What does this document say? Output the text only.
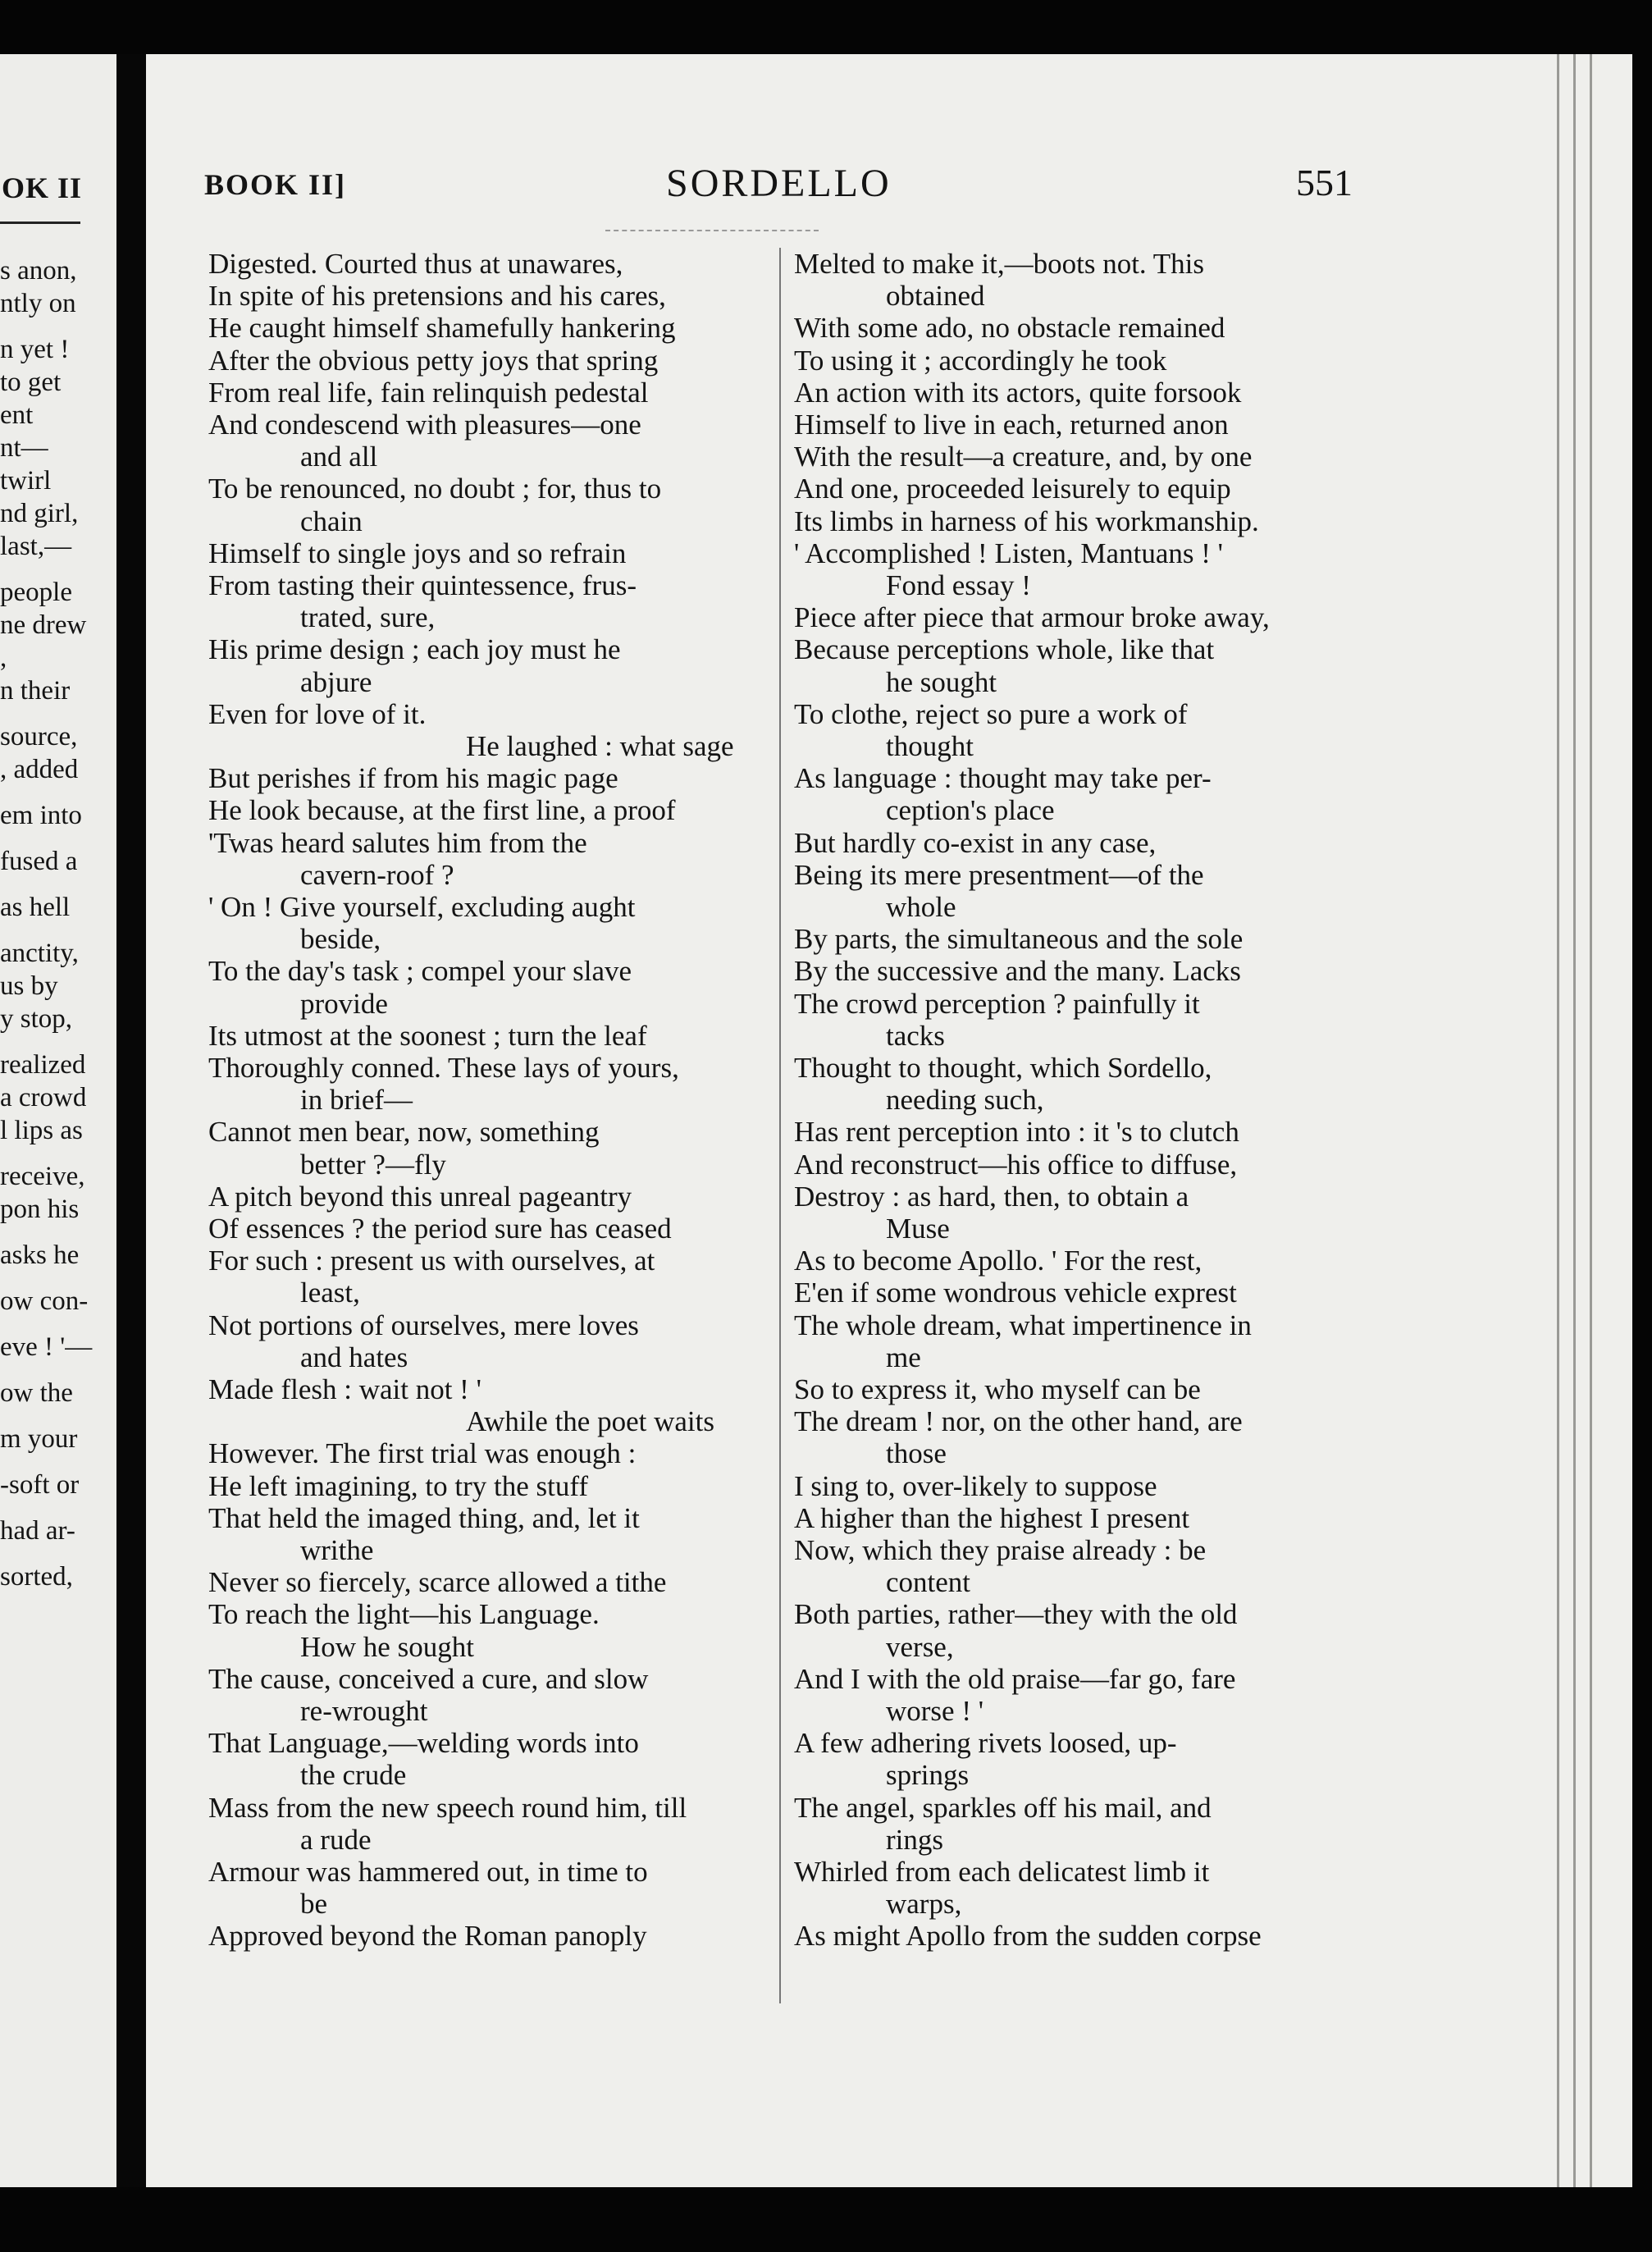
OK II
s anon,
ntly on
n yet !
to get
ent
nt—
twirl
nd girl,
last,—
people
ne drew
,
n their
source,
, added
em into
fused a
as hell
anctity,
us by
y stop,
realized
a crowd
l lips as
receive,
pon his
asks he
ow con-
eve ! '—
ow the
m your
-soft or
had ar-
sorted,
BOOK II]	SORDELLO	551
Digested. Courted thus at unawares,
In spite of his pretensions and his cares,
He caught himself shamefully hankering
After the obvious petty joys that spring
From real life, fain relinquish pedestal
And condescend with pleasures—one
and all
To be renounced, no doubt ; for, thus to
chain
Himself to single joys and so refrain
From tasting their quintessence, frus-
trated, sure,
His prime design ; each joy must he
abjure
Even for love of it.
He laughed : what sage
But perishes if from his magic page
He look because, at the first line, a proof
'Twas heard salutes him from the
cavern-roof ?
' On ! Give yourself, excluding aught
beside,
To the day's task ; compel your slave
provide
Its utmost at the soonest ; turn the leaf
Thoroughly conned. These lays of yours,
in brief—
Cannot men bear, now, something
better ?—fly
A pitch beyond this unreal pageantry
Of essences ? the period sure has ceased
For such : present us with ourselves, at
least,
Not portions of ourselves, mere loves
and hates
Made flesh : wait not ! '
Awhile the poet waits
However. The first trial was enough :
He left imagining, to try the stuff
That held the imaged thing, and, let it
writhe
Never so fiercely, scarce allowed a tithe
To reach the light—his Language.
How he sought
The cause, conceived a cure, and slow
re-wrought
That Language,—welding words into
the crude
Mass from the new speech round him, till
a rude
Armour was hammered out, in time to
be
Approved beyond the Roman panoply
Melted to make it,—boots not. This
obtained
With some ado, no obstacle remained
To using it ; accordingly he took
An action with its actors, quite forsook
Himself to live in each, returned anon
With the result—a creature, and, by one
And one, proceeded leisurely to equip
Its limbs in harness of his workmanship.
' Accomplished ! Listen, Mantuans ! '
Fond essay !
Piece after piece that armour broke away,
Because perceptions whole, like that
he sought
To clothe, reject so pure a work of
thought
As language : thought may take per-
ception's place
But hardly co-exist in any case,
Being its mere presentment—of the
whole
By parts, the simultaneous and the sole
By the successive and the many. Lacks
The crowd perception ? painfully it
tacks
Thought to thought, which Sordello,
needing such,
Has rent perception into : it 's to clutch
And reconstruct—his office to diffuse,
Destroy : as hard, then, to obtain a
Muse
As to become Apollo. ' For the rest,
E'en if some wondrous vehicle exprest
The whole dream, what impertinence in
me
So to express it, who myself can be
The dream ! nor, on the other hand, are
those
I sing to, over-likely to suppose
A higher than the highest I present
Now, which they praise already : be
content
Both parties, rather—they with the old
verse,
And I with the old praise—far go, fare
worse ! '
A few adhering rivets loosed, up-
springs
The angel, sparkles off his mail, and
rings
Whirled from each delicatest limb it
warps,
As might Apollo from the sudden corpse
